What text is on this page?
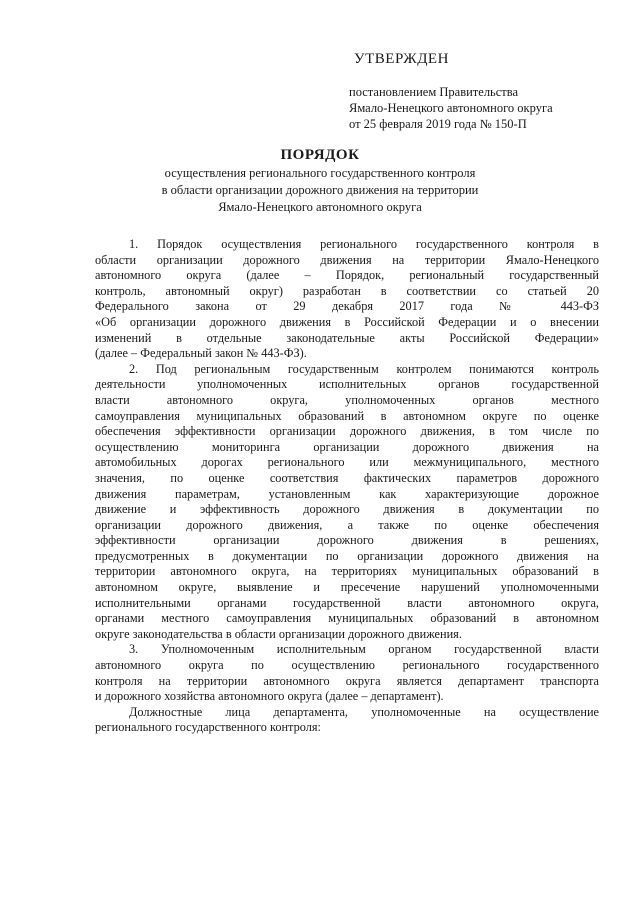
УТВЕРЖДЕН
постановлением Правительства
Ямало-Ненецкого автономного округа
от 25 февраля 2019 года № 150-П
ПОРЯДОК
осуществления регионального государственного контроля
в области организации дорожного движения на территории
Ямало-Ненецкого автономного округа
1. Порядок осуществления регионального государственного контроля в
области организации дорожного движения на территории Ямало-Ненецкого
автономного округа (далее – Порядок, региональный государственный
контроль, автономный округ) разработан в соответствии со статьей 20
Федерального закона от 29 декабря 2017 года № 443-ФЗ
«Об организации дорожного движения в Российской Федерации и о внесении
изменений в отдельные законодательные акты Российской Федерации»
(далее – Федеральный закон № 443-ФЗ).
2. Под региональным государственным контролем понимаются контроль
деятельности уполномоченных исполнительных органов государственной
власти автономного округа, уполномоченных органов местного
самоуправления муниципальных образований в автономном округе по оценке
обеспечения эффективности организации дорожного движения, в том числе по
осуществлению мониторинга организации дорожного движения на
автомобильных дорогах регионального или межмуниципального, местного
значения, по оценке соответствия фактических параметров дорожного
движения параметрам, установленным как характеризующие дорожное
движение и эффективность дорожного движения в документации по
организации дорожного движения, а также по оценке обеспечения
эффективности организации дорожного движения в решениях,
предусмотренных в документации по организации дорожного движения на
территории автономного округа, на территориях муниципальных образований в
автономном округе, выявление и пресечение нарушений уполномоченными
исполнительными органами государственной власти автономного округа,
органами местного самоуправления муниципальных образований в автономном
округе законодательства в области организации дорожного движения.
3. Уполномоченным исполнительным органом государственной власти
автономного округа по осуществлению регионального государственного
контроля на территории автономного округа является департамент транспорта
и дорожного хозяйства автономного округа (далее – департамент).
Должностные лица департамента, уполномоченные на осуществление
регионального государственного контроля:
